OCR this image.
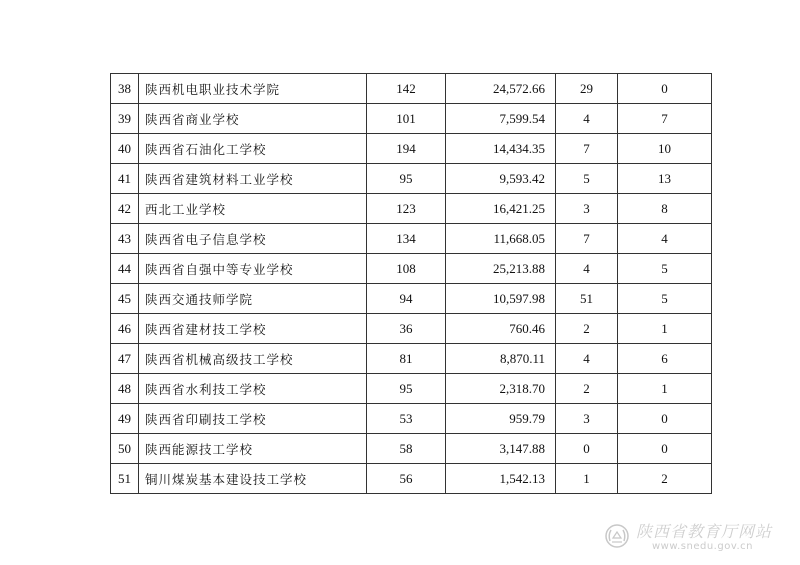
38	陕西机电职业技术学院	142	24,572.66	29	0
39	陕西省商业学校	101	7,599.54	4	7
40	陕西省石油化工学校	194	14,434.35	7	10
41	陕西省建筑材料工业学校	95	9,593.42	5	13
42	西北工业学校	123	16,421.25	3	8
43	陕西省电子信息学校	134	11,668.05	7	4
44	陕西省自强中等专业学校	108	25,213.88	4	5
45	陕西交通技师学院	94	10,597.98	51	5
46	陕西省建材技工学校	36	760.46	2	1
47	陕西省机械高级技工学校	81	8,870.11	4	6
48	陕西省水利技工学校	95	2,318.70	2	1
49	陕西省印刷技工学校	53	959.79	3	0
50	陕西能源技工学校	58	3,147.88	0	0
51	铜川煤炭基本建设技工学校	56	1,542.13	1	2
陕西省教育厅网站
www.snedu.gov.cn
